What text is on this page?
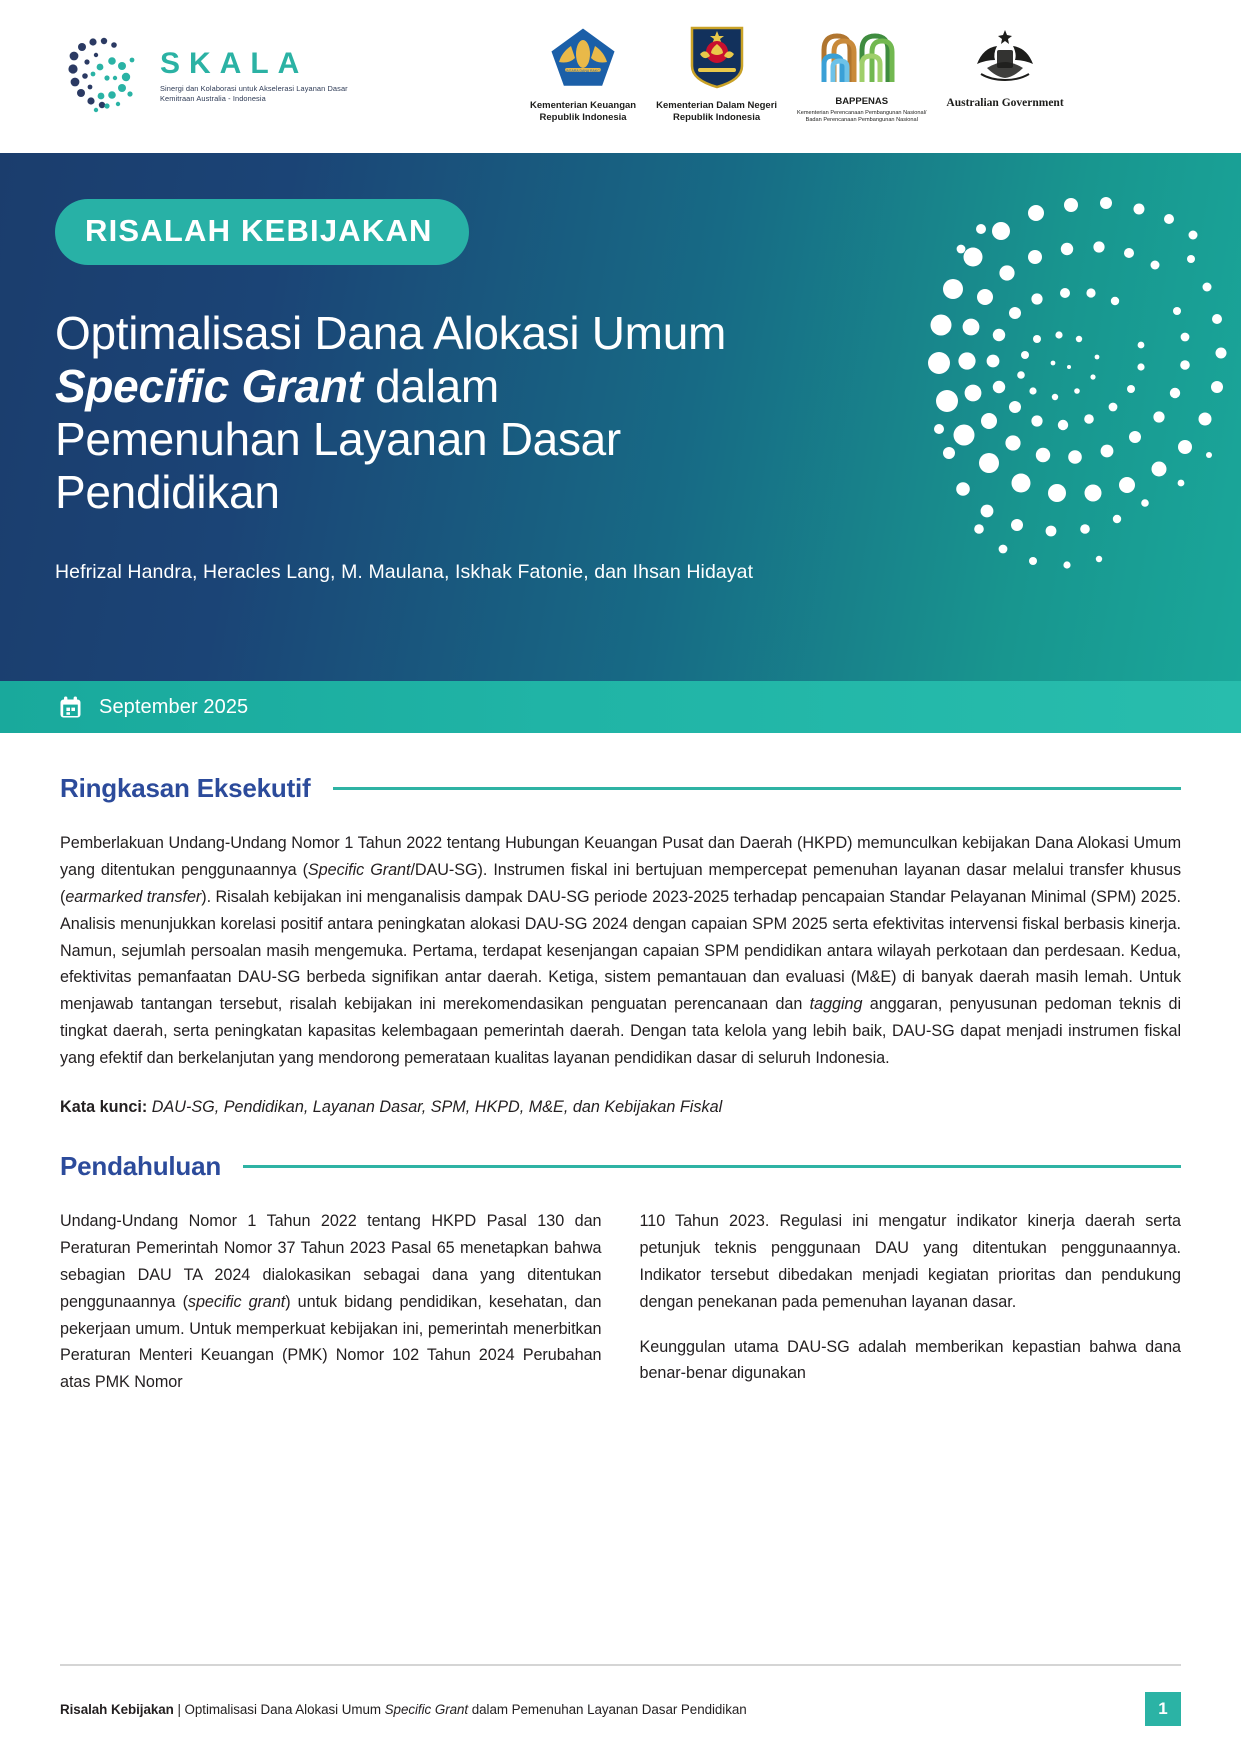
SKALA
Sinergi dan Kolaborasi untuk Akselerasi Layanan Dasar
Kemitraan Australia - Indonesia
NAGARA DANA RAKCA
Kementerian Keuangan
Republik Indonesia
Kementerian Dalam Negeri
Republik Indonesia
BAPPENAS
Kementerian Perencanaan Pembangunan Nasional/
Badan Perencanaan Pembangunan Nasional
Australian Government
RISALAH KEBIJAKAN
Optimalisasi Dana Alokasi Umum Specific Grant dalam Pemenuhan Layanan Dasar Pendidikan
Hefrizal Handra, Heracles Lang, M. Maulana, Iskhak Fatonie, dan Ihsan Hidayat
September 2025
Ringkasan Eksekutif

Pemberlakuan Undang-Undang Nomor 1 Tahun 2022 tentang Hubungan Keuangan Pusat dan Daerah (HKPD) memunculkan kebijakan Dana Alokasi Umum yang ditentukan penggunaannya (Specific Grant/DAU-SG). Instrumen fiskal ini bertujuan mempercepat pemenuhan layanan dasar melalui transfer khusus (earmarked transfer). Risalah kebijakan ini menganalisis dampak DAU-SG periode 2023-2025 terhadap pencapaian Standar Pelayanan Minimal (SPM) 2025. Analisis menunjukkan korelasi positif antara peningkatan alokasi DAU-SG 2024 dengan capaian SPM 2025 serta efektivitas intervensi fiskal berbasis kinerja. Namun, sejumlah persoalan masih mengemuka. Pertama, terdapat kesenjangan capaian SPM pendidikan antara wilayah perkotaan dan perdesaan. Kedua, efektivitas pemanfaatan DAU-SG berbeda signifikan antar daerah. Ketiga, sistem pemantauan dan evaluasi (M&E) di banyak daerah masih lemah. Untuk menjawab tantangan tersebut, risalah kebijakan ini merekomendasikan penguatan perencanaan dan tagging anggaran, penyusunan pedoman teknis di tingkat daerah, serta peningkatan kapasitas kelembagaan pemerintah daerah. Dengan tata kelola yang lebih baik, DAU-SG dapat menjadi instrumen fiskal yang efektif dan berkelanjutan yang mendorong pemerataan kualitas layanan pendidikan dasar di seluruh Indonesia.

Kata kunci: DAU-SG, Pendidikan, Layanan Dasar, SPM, HKPD, M&E, dan Kebijakan Fiskal

Pendahuluan

Undang-Undang Nomor 1 Tahun 2022 tentang HKPD Pasal 130 dan Peraturan Pemerintah Nomor 37 Tahun 2023 Pasal 65 menetapkan bahwa sebagian DAU TA 2024 dialokasikan sebagai dana yang ditentukan penggunaannya (specific grant) untuk bidang pendidikan, kesehatan, dan pekerjaan umum. Untuk memperkuat kebijakan ini, pemerintah menerbitkan Peraturan Menteri Keuangan (PMK) Nomor 102 Tahun 2024 Perubahan atas PMK Nomor

110 Tahun 2023. Regulasi ini mengatur indikator kinerja daerah serta petunjuk teknis penggunaan DAU yang ditentukan penggunaannya. Indikator tersebut dibedakan menjadi kegiatan prioritas dan pendukung dengan penekanan pada pemenuhan layanan dasar.

Keunggulan utama DAU-SG adalah memberikan kepastian bahwa dana benar-benar digunakan

Risalah Kebijakan | Optimalisasi Dana Alokasi Umum Specific Grant dalam Pemenuhan Layanan Dasar Pendidikan	1
